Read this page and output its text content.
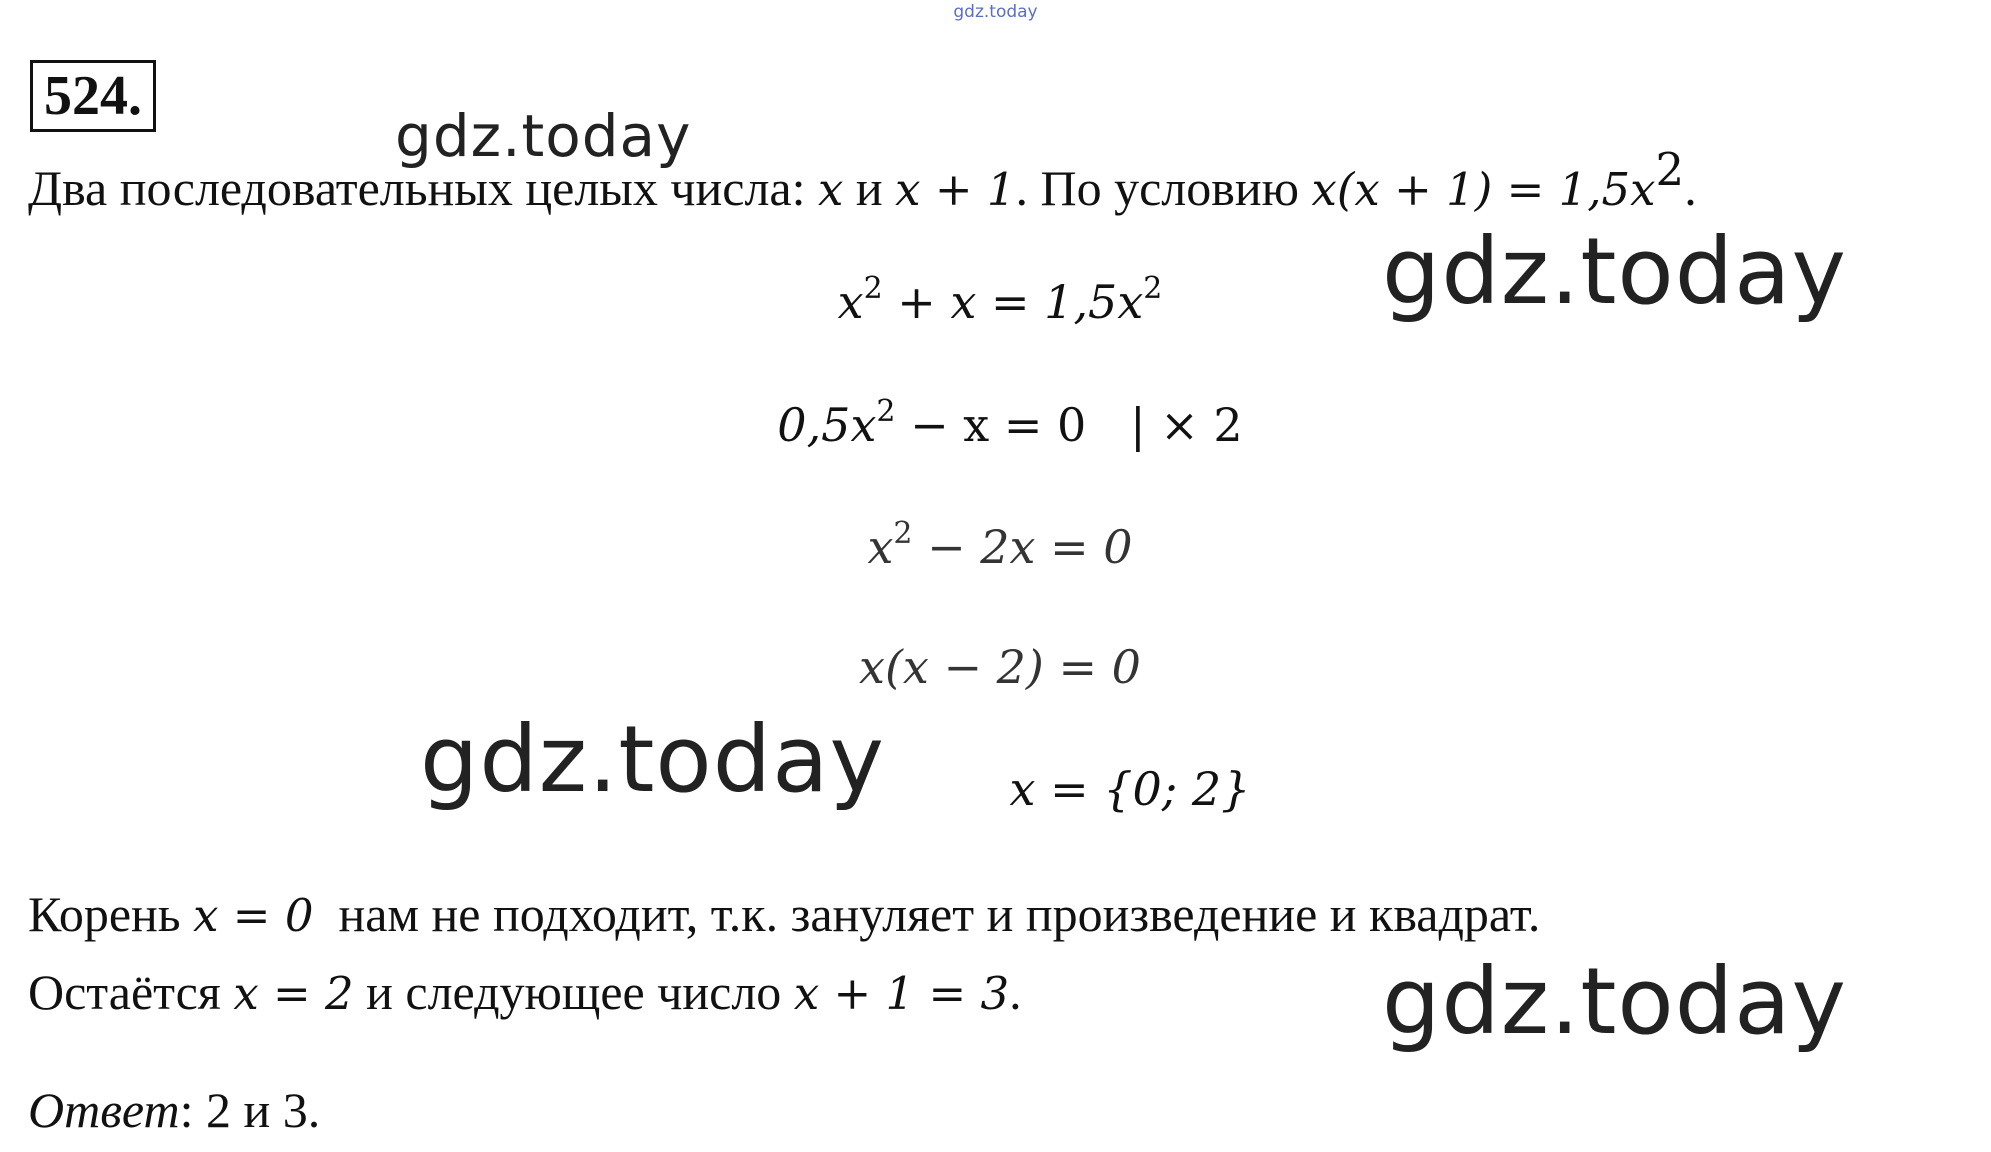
gdz.today
524.
gdz.today
Два последовательных целых числа: x и x + 1. По условию $x(x + 1) = 1,5x^2$.
gdz.today
$x^2 + x = 1,5x^2$
$0,5x^2 - x = 0$   | × 2
$x^2 - 2x = 0$
x(x − 2) = 0
gdz.today	x = {0; 2}
Корень x = 0  нам не подходит, т.к. зануляет и произведение и квадрат.
Остаётся x = 2 и следующее число x + 1 = 3.	gdz.today
Ответ: 2 и 3.
